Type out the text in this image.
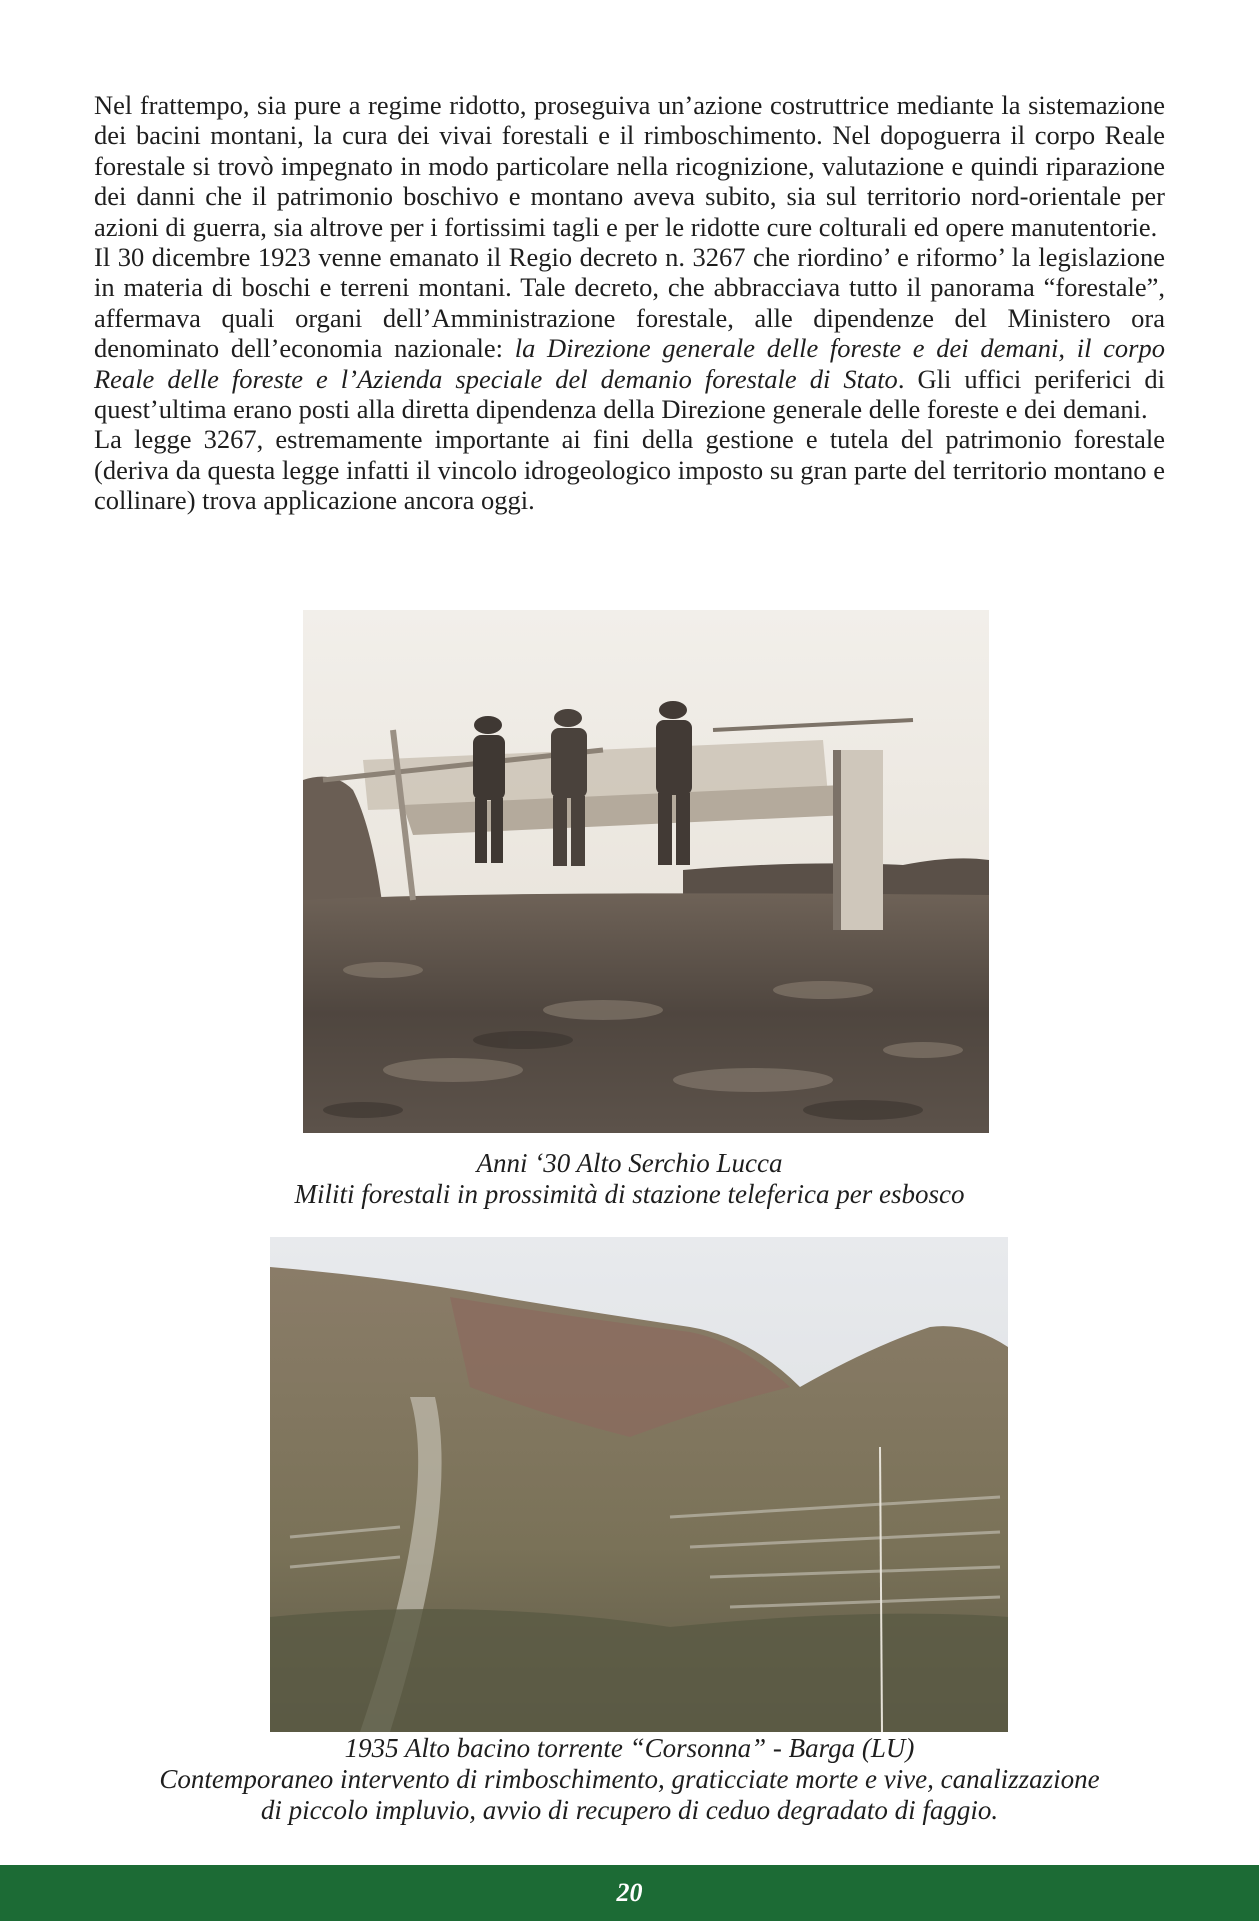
Nel frattempo, sia pure a regime ridotto, proseguiva un’azione costruttrice mediante la sistemazione dei bacini montani, la cura dei vivai forestali e il rimboschimento. Nel dopoguerra il corpo Reale forestale si trovò impegnato in modo particolare nella ricognizione, valutazione e quindi riparazione dei danni che il patrimonio boschivo e montano aveva subito, sia sul territorio nord-orientale per azioni di guerra, sia altrove per i fortissimi tagli e per le ridotte cure colturali ed opere manutentorie.

Il 30 dicembre 1923 venne emanato il Regio decreto n. 3267 che riordino’ e riformo’ la legislazione in materia di boschi e terreni montani. Tale decreto, che abbracciava tutto il panorama “forestale”, affermava quali organi dell’Amministrazione forestale, alle dipendenze del Ministero ora denominato dell’economia nazionale: la Direzione generale delle foreste e dei demani, il corpo Reale delle foreste e l’Azienda speciale del demanio forestale di Stato. Gli uffici periferici di quest’ultima erano posti alla diretta dipendenza della Direzione generale delle foreste e dei demani.

La legge 3267, estremamente importante ai fini della gestione e tutela del patrimonio forestale (deriva da questa legge infatti il vincolo idrogeologico imposto su gran parte del territorio montano e collinare) trova applicazione ancora oggi.

Anni ‘30 Alto Serchio Lucca
Militi forestali in prossimità di stazione teleferica per esbosco
1935 Alto bacino torrente “Corsonna” - Barga (LU)
Contemporaneo intervento di rimboschimento, graticciate morte e vive, canalizzazione
di piccolo impluvio, avvio di recupero di ceduo degradato di faggio.
20
